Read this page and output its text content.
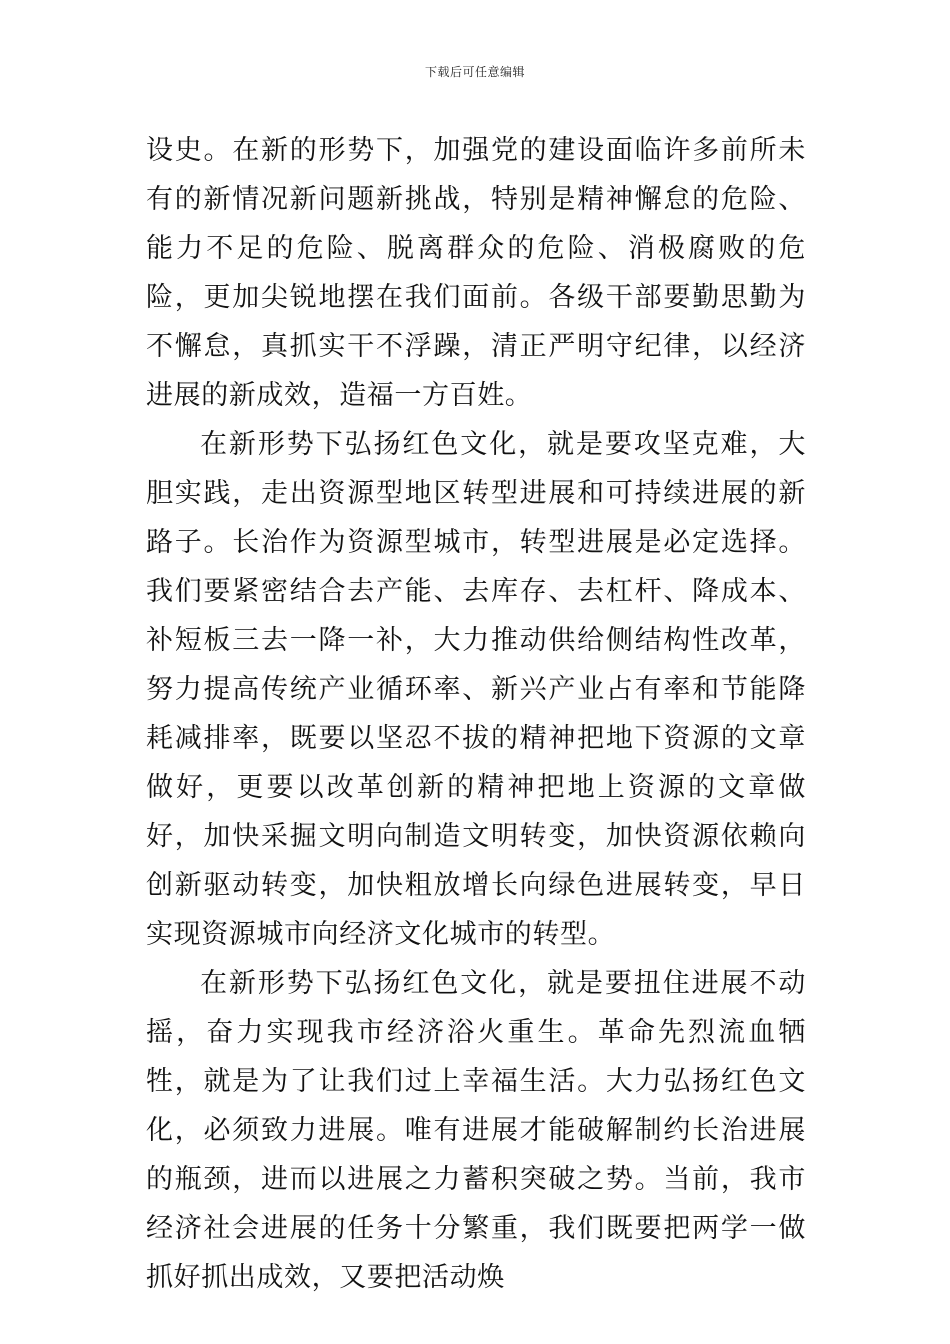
下载后可任意编辑

设史。在新的形势下，加强党的建设面临许多前所未有的新情况新问题新挑战，特别是精神懈怠的危险、能力不足的危险、脱离群众的危险、消极腐败的危险，更加尖锐地摆在我们面前。各级干部要勤思勤为不懈怠，真抓实干不浮躁，清正严明守纪律，以经济进展的新成效，造福一方百姓。

在新形势下弘扬红色文化，就是要攻坚克难，大胆实践，走出资源型地区转型进展和可持续进展的新路子。长治作为资源型城市，转型进展是必定选择。我们要紧密结合去产能、去库存、去杠杆、降成本、补短板三去一降一补，大力推动供给侧结构性改革，努力提高传统产业循环率、新兴产业占有率和节能降耗减排率，既要以坚忍不拔的精神把地下资源的文章做好，更要以改革创新的精神把地上资源的文章做好，加快采掘文明向制造文明转变，加快资源依赖向创新驱动转变，加快粗放增长向绿色进展转变，早日实现资源城市向经济文化城市的转型。

在新形势下弘扬红色文化，就是要扭住进展不动摇，奋力实现我市经济浴火重生。革命先烈流血牺牲，就是为了让我们过上幸福生活。大力弘扬红色文化，必须致力进展。唯有进展才能破解制约长治进展的瓶颈，进而以进展之力蓄积突破之势。当前，我市经济社会进展的任务十分繁重，我们既要把两学一做抓好抓出成效，又要把活动焕
